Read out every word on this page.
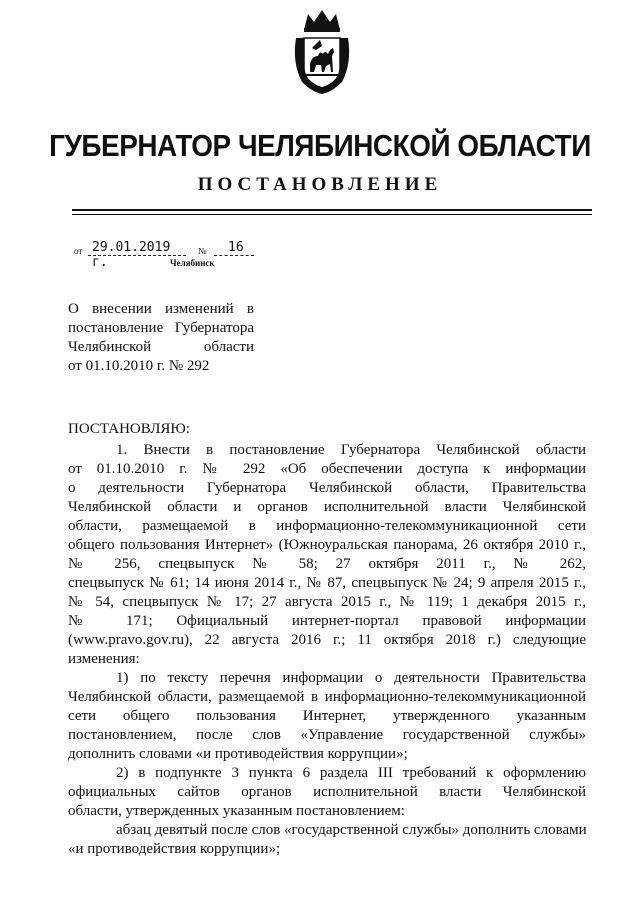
ГУБЕРНАТОР ЧЕЛЯБИНСКОЙ ОБЛАСТИ
ПОСТАНОВЛЕНИЕ
от 29.01.2019 г.
№ 16
Челябинск
О внесении изменений в
постановление Губернатора
Челябинской области
от 01.10.2010 г. № 292
ПОСТАНОВЛЯЮ:
1. Внести в постановление Губернатора Челябинской области
от 01.10.2010 г. № 292 «Об обеспечении доступа к информации
о деятельности Губернатора Челябинской области, Правительства
Челябинской области и органов исполнительной власти Челябинской
области, размещаемой в информационно-телекоммуникационной сети
общего пользования Интернет» (Южноуральская панорама, 26 октября 2010 г.,
№ 256, спецвыпуск № 58; 27 октября 2011 г., № 262,
спецвыпуск № 61; 14 июня 2014 г., № 87, спецвыпуск № 24; 9 апреля 2015 г.,
№ 54, спецвыпуск № 17; 27 августа 2015 г., № 119; 1 декабря 2015 г.,
№ 171; Официальный интернет-портал правовой информации
(www.pravo.gov.ru), 22 августа 2016 г.; 11 октября 2018 г.) следующие
изменения:
1) по тексту перечня информации о деятельности Правительства
Челябинской области, размещаемой в информационно-телекоммуникационной
сети общего пользования Интернет, утвержденного указанным
постановлением, после слов «Управление государственной службы»
дополнить словами «и противодействия коррупции»;
2) в подпункте 3 пункта 6 раздела III требований к оформлению
официальных сайтов органов исполнительной власти Челябинской
области, утвержденных указанным постановлением:
абзац девятый после слов «государственной службы» дополнить словами
«и противодействия коррупции»;
